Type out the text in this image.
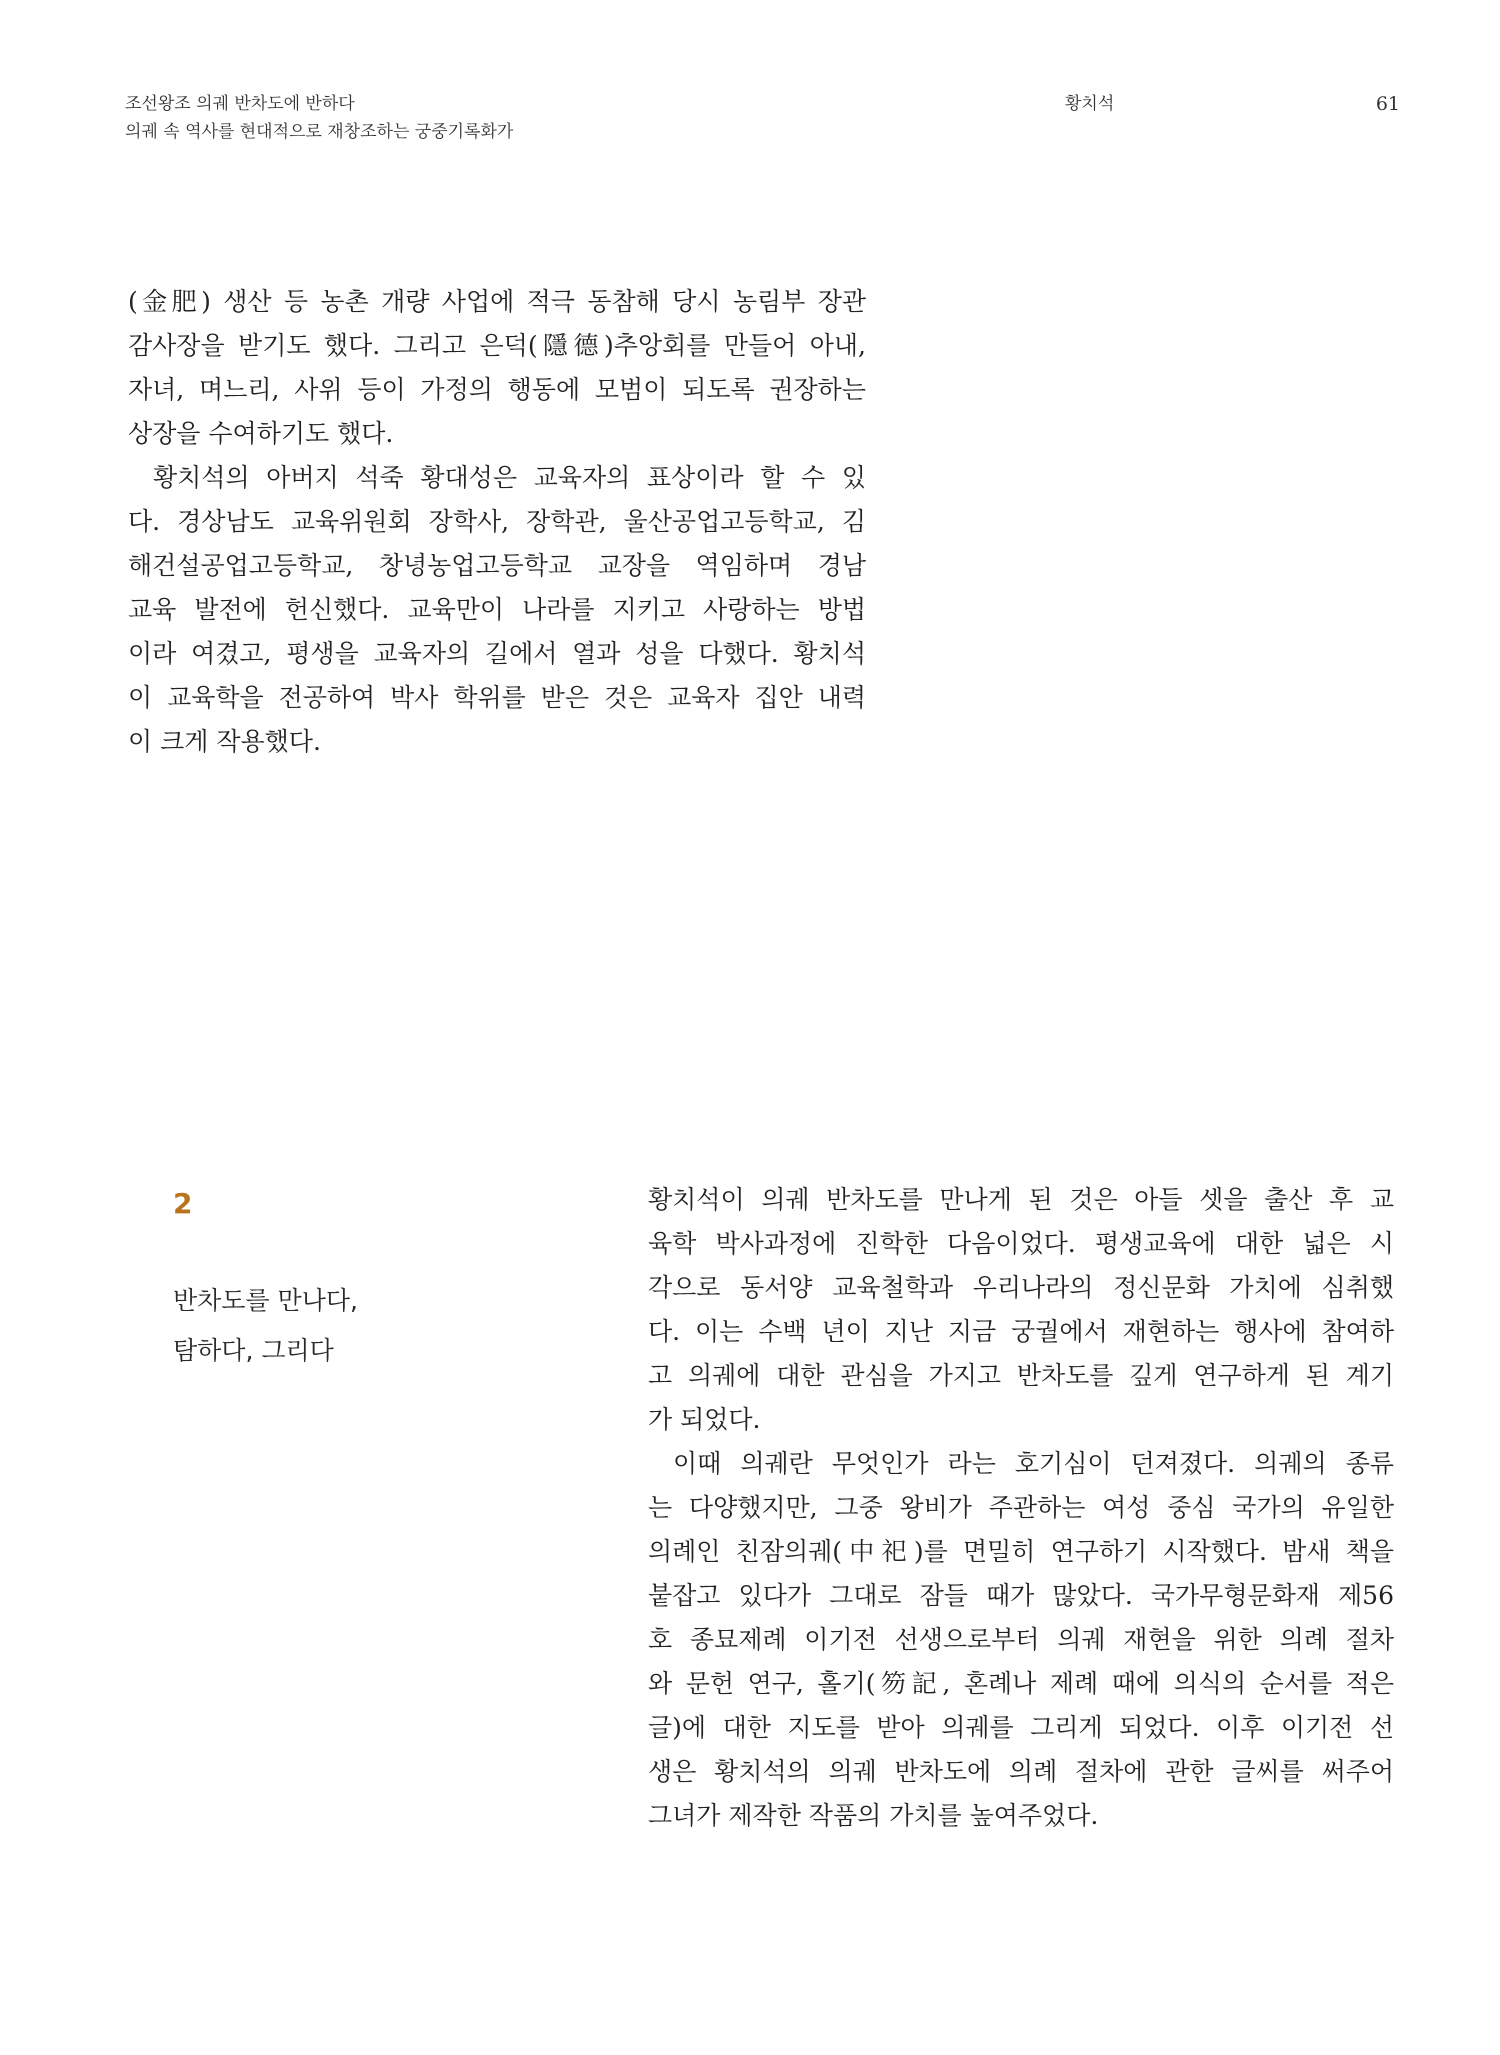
조선왕조 의궤 반차도에 반하다
의궤 속 역사를 현대적으로 재창조하는 궁중기록화가
황치석	61
(金肥) 생산 등 농촌 개량 사업에 적극 동참해 당시 농림부 장관
감사장을 받기도 했다. 그리고 은덕(隱德)추앙회를 만들어 아내,
자녀, 며느리, 사위 등이 가정의 행동에 모범이 되도록 권장하는
상장을 수여하기도 했다.
황치석의 아버지 석죽 황대성은 교육자의 표상이라 할 수 있
다. 경상남도 교육위원회 장학사, 장학관, 울산공업고등학교, 김
해건설공업고등학교, 창녕농업고등학교 교장을 역임하며 경남
교육 발전에 헌신했다. 교육만이 나라를 지키고 사랑하는 방법
이라 여겼고, 평생을 교육자의 길에서 열과 성을 다했다. 황치석
이 교육학을 전공하여 박사 학위를 받은 것은 교육자 집안 내력
이 크게 작용했다.
2
반차도를 만나다,
탐하다, 그리다
황치석이 의궤 반차도를 만나게 된 것은 아들 셋을 출산 후 교
육학 박사과정에 진학한 다음이었다. 평생교육에 대한 넓은 시
각으로 동서양 교육철학과 우리나라의 정신문화 가치에 심취했
다. 이는 수백 년이 지난 지금 궁궐에서 재현하는 행사에 참여하
고 의궤에 대한 관심을 가지고 반차도를 깊게 연구하게 된 계기
가 되었다.
이때 의궤란 무엇인가 라는 호기심이 던져졌다. 의궤의 종류
는 다양했지만, 그중 왕비가 주관하는 여성 중심 국가의 유일한
의례인 친잠의궤(中祀)를 면밀히 연구하기 시작했다. 밤새 책을
붙잡고 있다가 그대로 잠들 때가 많았다. 국가무형문화재 제56
호 종묘제례 이기전 선생으로부터 의궤 재현을 위한 의례 절차
와 문헌 연구, 홀기(笏記, 혼례나 제례 때에 의식의 순서를 적은
글)에 대한 지도를 받아 의궤를 그리게 되었다. 이후 이기전 선
생은 황치석의 의궤 반차도에 의례 절차에 관한 글씨를 써주어
그녀가 제작한 작품의 가치를 높여주었다.
